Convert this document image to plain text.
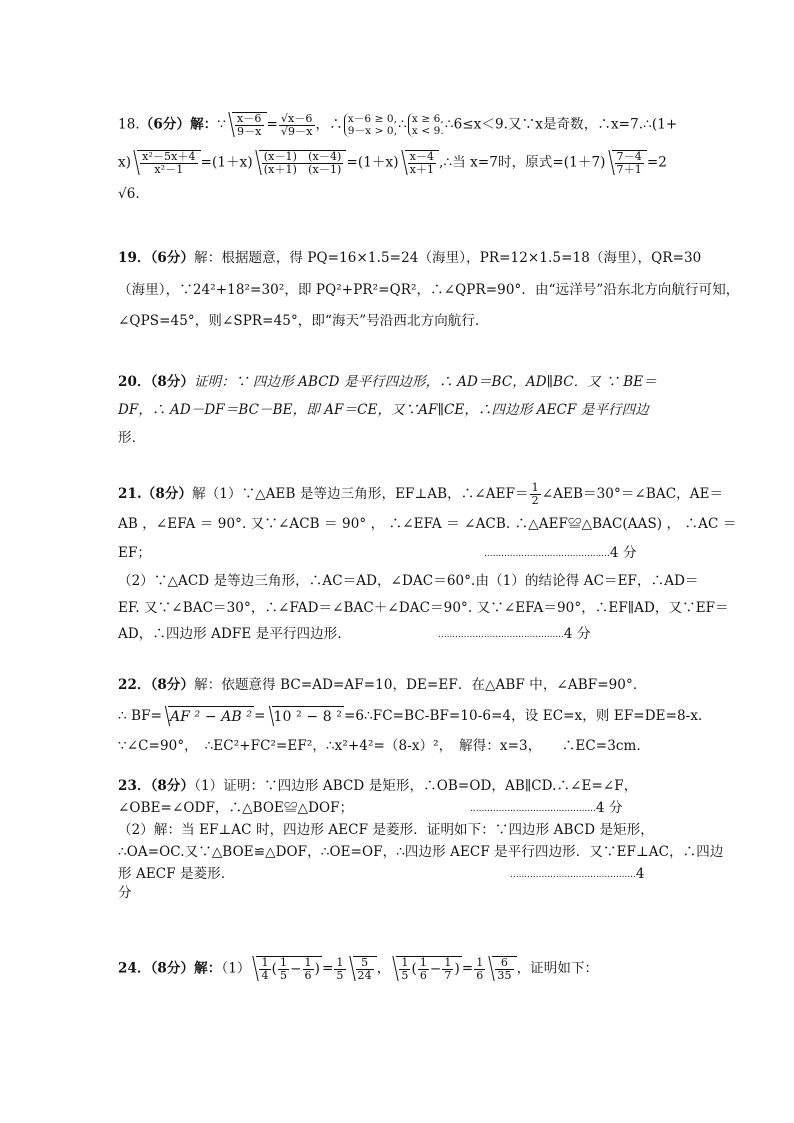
18.（6分）解：∵ $\frac{x-6}{9-x} = \frac{√x-6}{√9-x}$ ，∴ x－6 ≥ 0,
9－x > 0, ∴ x ≥ 6,
x < 9. ∴6≤x＜9.又∵x是奇数，∴x=7.∴(1+
$x) \frac{\text{x²－5x＋4}}{\text{x²－1}} =(1+x) \frac{(x-1) (x-4)}{(x+1) (x-1)} =(1+x) \frac{x-4}{x+1}$ ,∴当 x=7时，原式$=(1+7) \frac{7-4}{7+1} =2$
√6.
19．（6分）解：根据题意，得 PQ=16×1.5=24（海里），PR=12×1.5=18（海里），QR=30
（海里），∵24²+18²=30²，即 PQ²+PR²=QR²，∴∠QPR=90°．由“远洋号”沿东北方向航行可知，
∠QPS=45°，则∠SPR=45°，即“海天”号沿西北方向航行．
20．（8分）证明：∵ 四边形 ABCD 是平行四边形，∴ AD＝BC，AD∥BC．又 ∵ BE＝
DF，∴ AD－DF＝BC－BE，即 AF＝CE，又∵AF∥CE，∴四边形 AECF 是平行四边
形．
21.（8分）解（1）∵△AEB 是等边三角形，EF⊥AB，∴∠AEF＝ $\frac{1}{2}$ ∠AEB＝30°＝∠BAC，AE＝
AB ，∠EFA ＝ 90°. 又∵∠ACB ＝ 90° ， ∴∠EFA ＝ ∠ACB. ∴△AEF≌△BAC(AAS) ， ∴AC ＝
EF；	............................................4 分
（2）∵△ACD 是等边三角形，∴AC＝AD，∠DAC＝60°.由（1）的结论得 AC＝EF，∴AD＝
EF. 又∵∠BAC＝30°，∴∠FAD＝∠BAC＋∠DAC＝90°. 又∵∠EFA＝90°，∴EF∥AD，又∵EF＝
AD，∴四边形 ADFE 是平行四边形．	............................................4 分
22．（8分）解：依题意得 BC=AD=AF=10，DE=EF．在△ABF 中，∠ABF=90°．
∴ BF= AF ² − AB ² = 10 ² − 8 ² =6∴FC=BC-BF=10-6=4，设 EC=x，则 EF=DE=8-x．
∵∠C=90°，　∴EC²+FC²=EF²，∴x²+4²=（8-x）²，　解得：x=3，　　∴EC=3cm．
23．（8分）（1）证明：∵四边形 ABCD 是矩形，∴OB=OD，AB∥CD.∴∠E=∠F，
∠OBE=∠ODF，∴△BOE≌△DOF；	............................................4 分
（2）解：当 EF⊥AC 时，四边形 AECF 是菱形．证明如下：∵四边形 ABCD 是矩形，
∴OA=OC.又∵△BOE≌△DOF，∴OE=OF，∴四边形 AECF 是平行四边形．又∵EF⊥AC，∴四边
形 AECF 是菱形．	............................................4
分
24．（8分）解：$(1) \frac{1}{4}$ ( $\frac{1}{5} - \frac{1}{6}$ ) = $\frac{1}{5} \frac{5}{24}$ ， $\frac{1}{5}$ ( $\frac{1}{6} - \frac{1}{7}$ ) = $\frac{1}{6} \frac{6}{35}$ ，证明如下：
